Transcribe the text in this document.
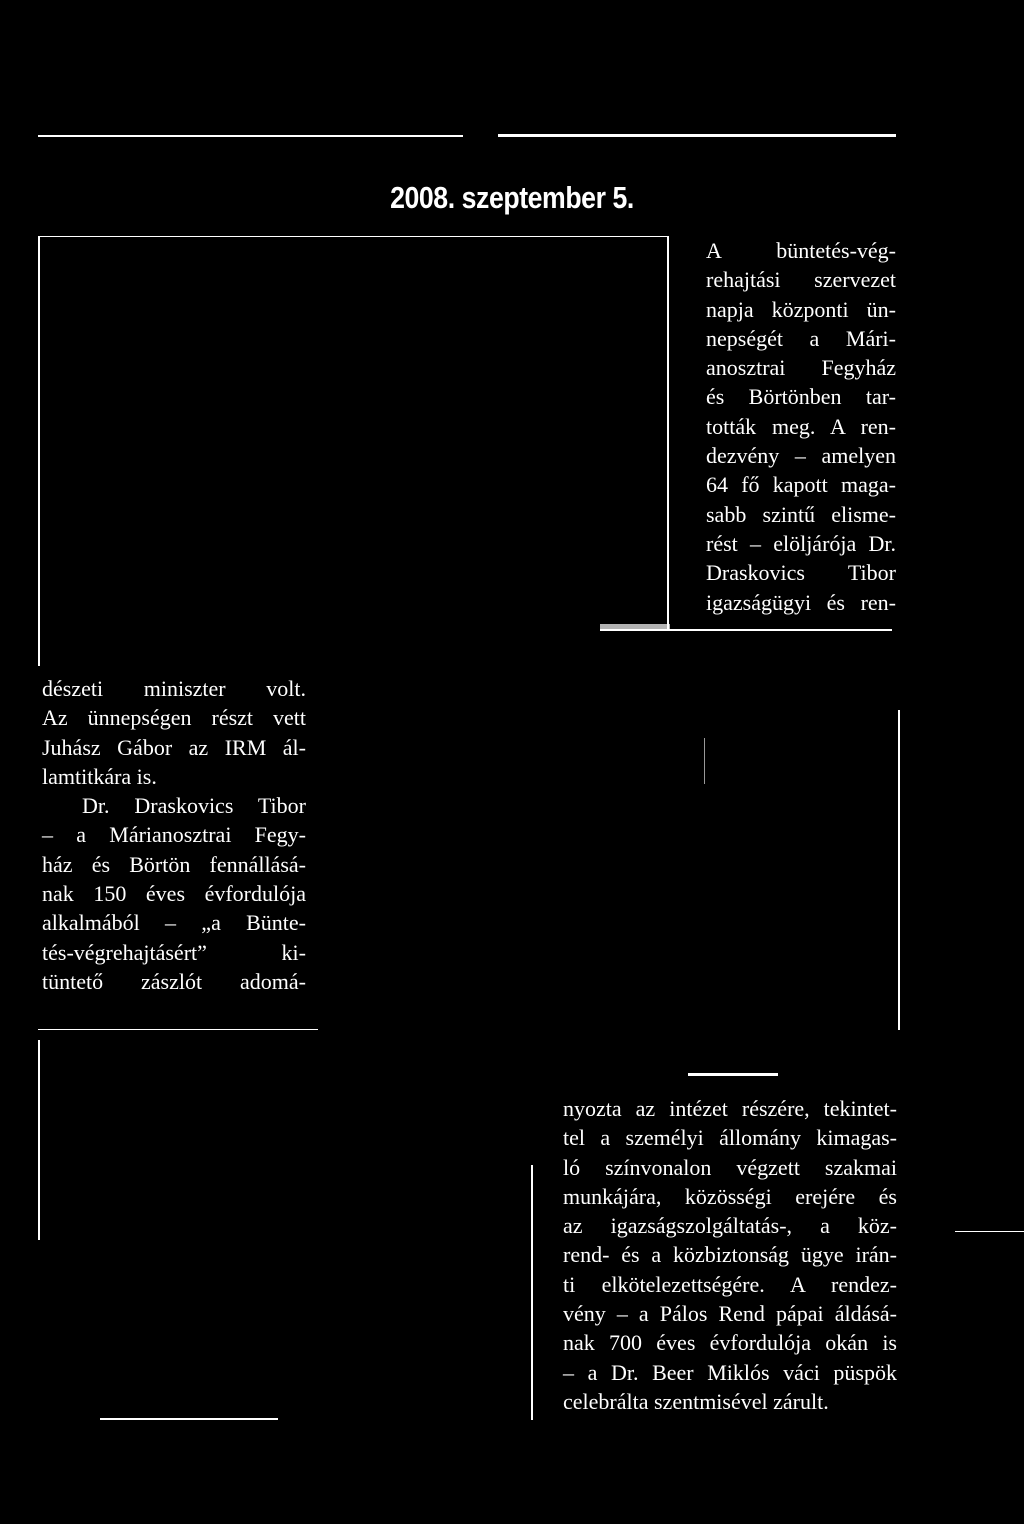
2008. szeptember 5.
A büntetés-vég-
rehajtási szervezet
napja központi ün-
nepségét a Mári-
anosztrai Fegyház
és Börtönben tar-
tották meg. A ren-
dezvény – amelyen
64 fő kapott maga-
sabb szintű elisme-
rést – elöljárója Dr.
Draskovics Tibor
igazságügyi és ren-
dészeti miniszter volt.
Az ünnepségen részt vett
Juhász Gábor az IRM ál-
lamtitkára is.
Dr. Draskovics Tibor
– a Márianosztrai Fegy-
ház és Börtön fennállásá-
nak 150 éves évfordulója
alkalmából – „a Bünte-
tés-végrehajtásért” ki-
tüntető zászlót adomá-
nyozta az intézet részére, tekintet-
tel a személyi állomány kimagas-
ló színvonalon végzett szakmai
munkájára, közösségi erejére és
az igazságszolgáltatás-, a köz-
rend- és a közbiztonság ügye irán-
ti elkötelezettségére. A rendez-
vény – a Pálos Rend pápai áldásá-
nak 700 éves évfordulója okán is
– a Dr. Beer Miklós váci püspök
celebrálta szentmisével zárult.
